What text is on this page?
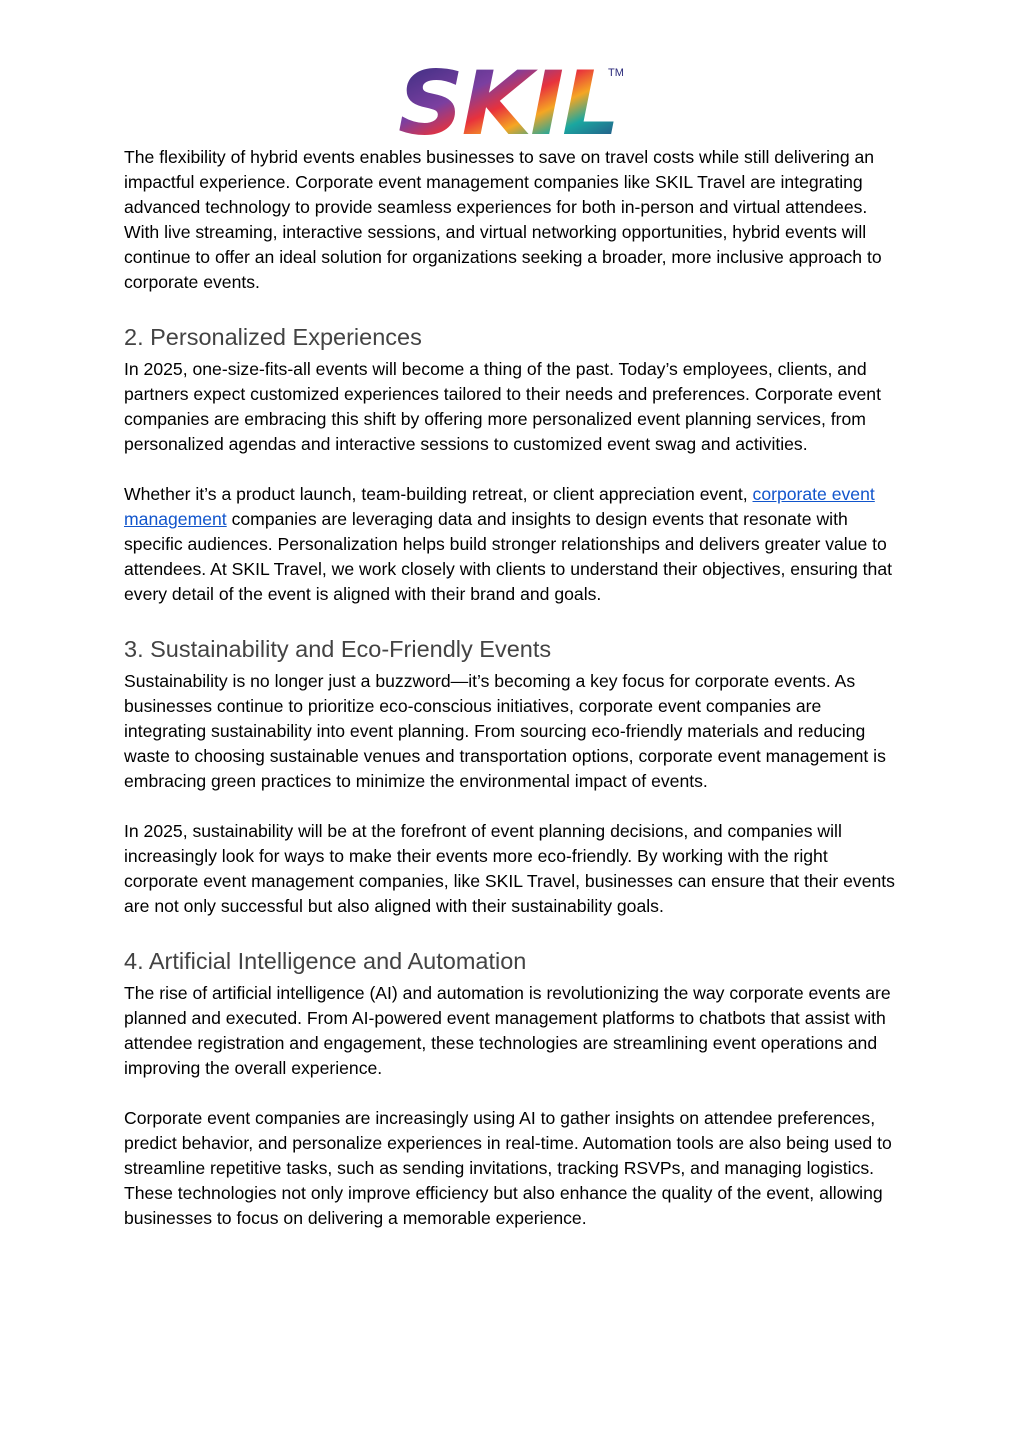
SKIL
TM

The flexibility of hybrid events enables businesses to save on travel costs while still delivering an impactful experience. Corporate event management companies like SKIL Travel are integrating advanced technology to provide seamless experiences for both in-person and virtual attendees. With live streaming, interactive sessions, and virtual networking opportunities, hybrid events will continue to offer an ideal solution for organizations seeking a broader, more inclusive approach to corporate events.

2. Personalized Experiences

In 2025, one-size-fits-all events will become a thing of the past. Today’s employees, clients, and partners expect customized experiences tailored to their needs and preferences. Corporate event companies are embracing this shift by offering more personalized event planning services, from personalized agendas and interactive sessions to customized event swag and activities.

Whether it’s a product launch, team-building retreat, or client appreciation event, corporate event management companies are leveraging data and insights to design events that resonate with specific audiences. Personalization helps build stronger relationships and delivers greater value to attendees. At SKIL Travel, we work closely with clients to understand their objectives, ensuring that every detail of the event is aligned with their brand and goals.

3. Sustainability and Eco-Friendly Events

Sustainability is no longer just a buzzword—it’s becoming a key focus for corporate events. As businesses continue to prioritize eco-conscious initiatives, corporate event companies are integrating sustainability into event planning. From sourcing eco-friendly materials and reducing waste to choosing sustainable venues and transportation options, corporate event management is embracing green practices to minimize the environmental impact of events.

In 2025, sustainability will be at the forefront of event planning decisions, and companies will increasingly look for ways to make their events more eco-friendly. By working with the right corporate event management companies, like SKIL Travel, businesses can ensure that their events are not only successful but also aligned with their sustainability goals.

4. Artificial Intelligence and Automation

The rise of artificial intelligence (AI) and automation is revolutionizing the way corporate events are planned and executed. From AI-powered event management platforms to chatbots that assist with attendee registration and engagement, these technologies are streamlining event operations and improving the overall experience.

Corporate event companies are increasingly using AI to gather insights on attendee preferences, predict behavior, and personalize experiences in real-time. Automation tools are also being used to streamline repetitive tasks, such as sending invitations, tracking RSVPs, and managing logistics. These technologies not only improve efficiency but also enhance the quality of the event, allowing businesses to focus on delivering a memorable experience.
